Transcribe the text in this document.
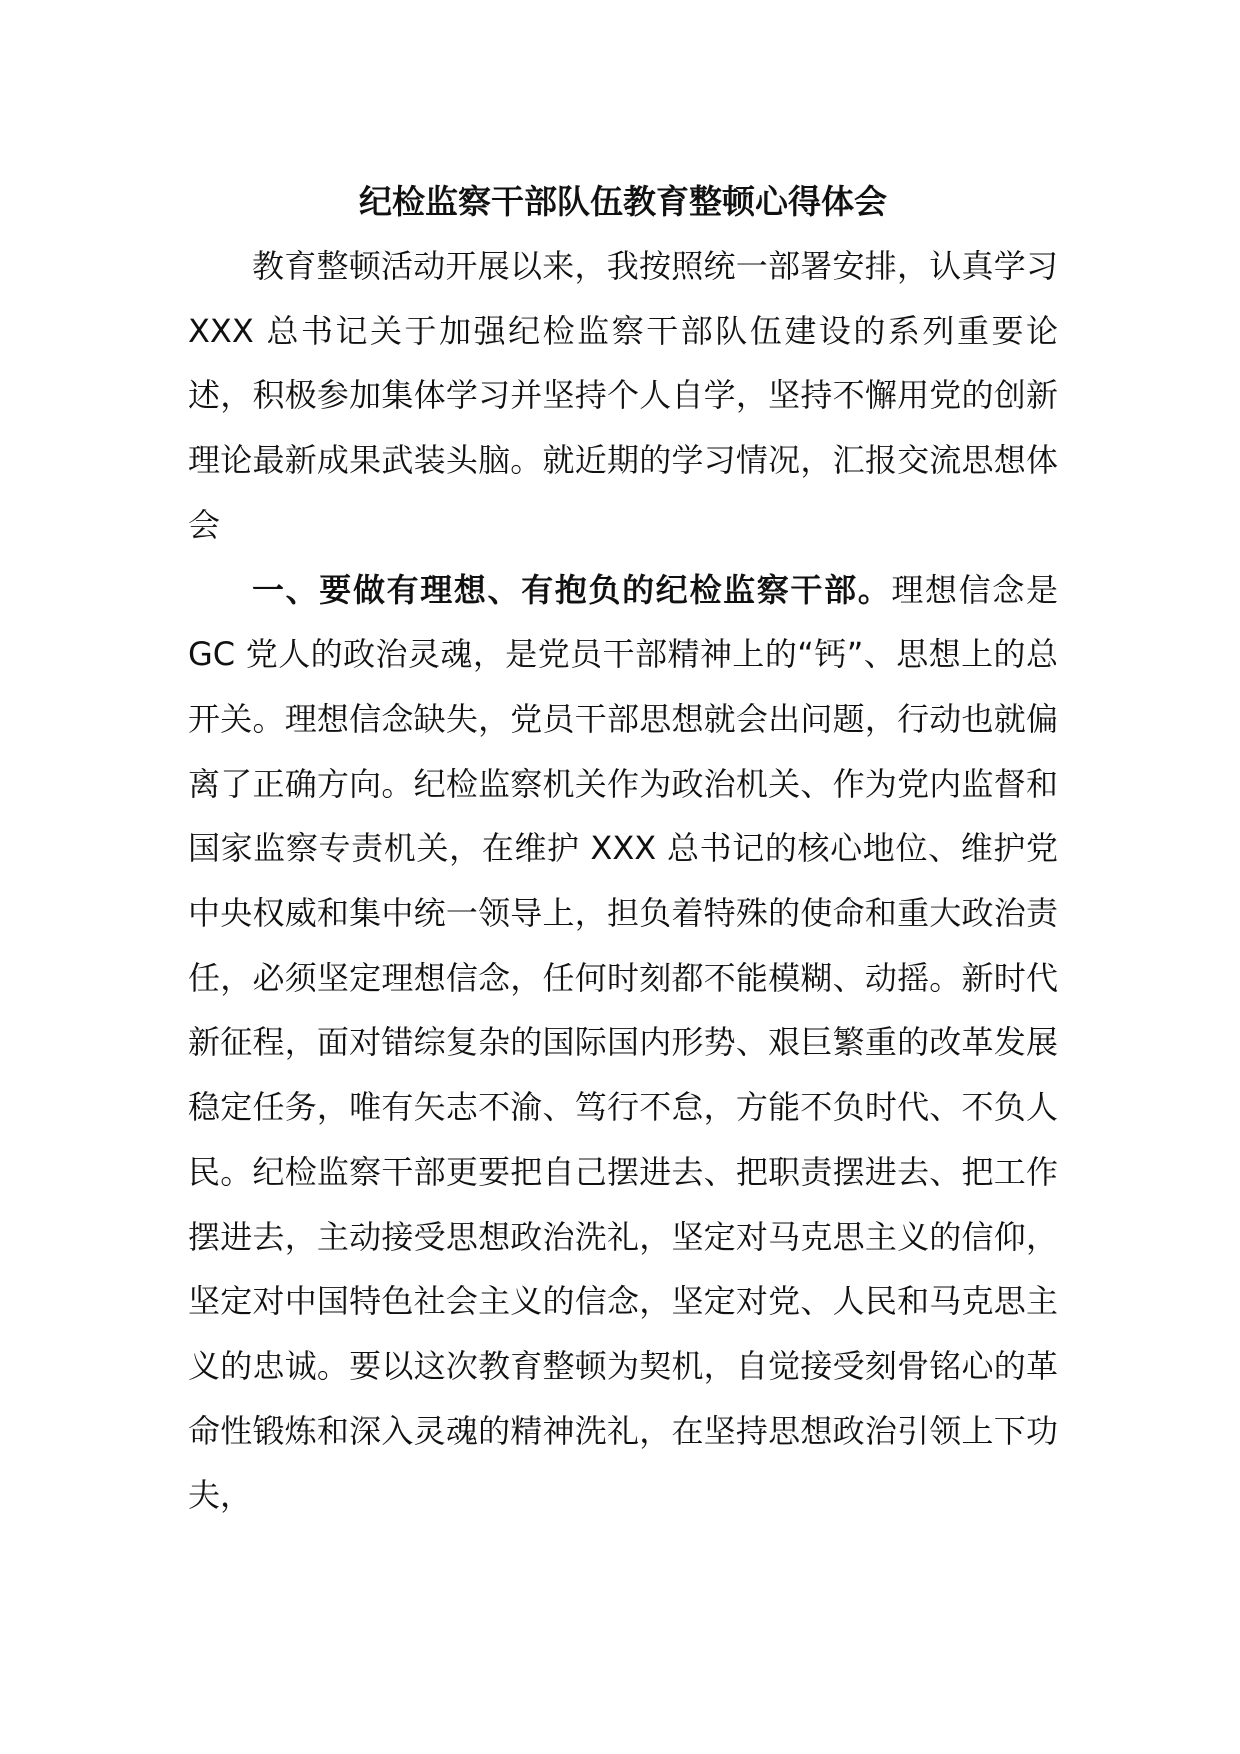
纪检监察干部队伍教育整顿心得体会

教育整顿活动开展以来，我按照统一部署安排，认真学习 XXX 总书记关于加强纪检监察干部队伍建设的系列重要论述，积极参加集体学习并坚持个人自学，坚持不懈用党的创新理论最新成果武装头脑。就近期的学习情况，汇报交流思想体会

一、要做有理想、有抱负的纪检监察干部。理想信念是 GC 党人的政治灵魂，是党员干部精神上的“钙”、思想上的总开关。理想信念缺失，党员干部思想就会出问题，行动也就偏离了正确方向。纪检监察机关作为政治机关、作为党内监督和国家监察专责机关，在维护 XXX 总书记的核心地位、维护党中央权威和集中统一领导上，担负着特殊的使命和重大政治责任，必须坚定理想信念，任何时刻都不能模糊、动摇。新时代新征程，面对错综复杂的国际国内形势、艰巨繁重的改革发展稳定任务，唯有矢志不渝、笃行不怠，方能不负时代、不负人民。纪检监察干部更要把自己摆进去、把职责摆进去、把工作摆进去，主动接受思想政治洗礼，坚定对马克思主义的信仰，坚定对中国特色社会主义的信念，坚定对党、人民和马克思主义的忠诚。要以这次教育整顿为契机，自觉接受刻骨铭心的革命性锻炼和深入灵魂的精神洗礼，在坚持思想政治引领上下功夫，
